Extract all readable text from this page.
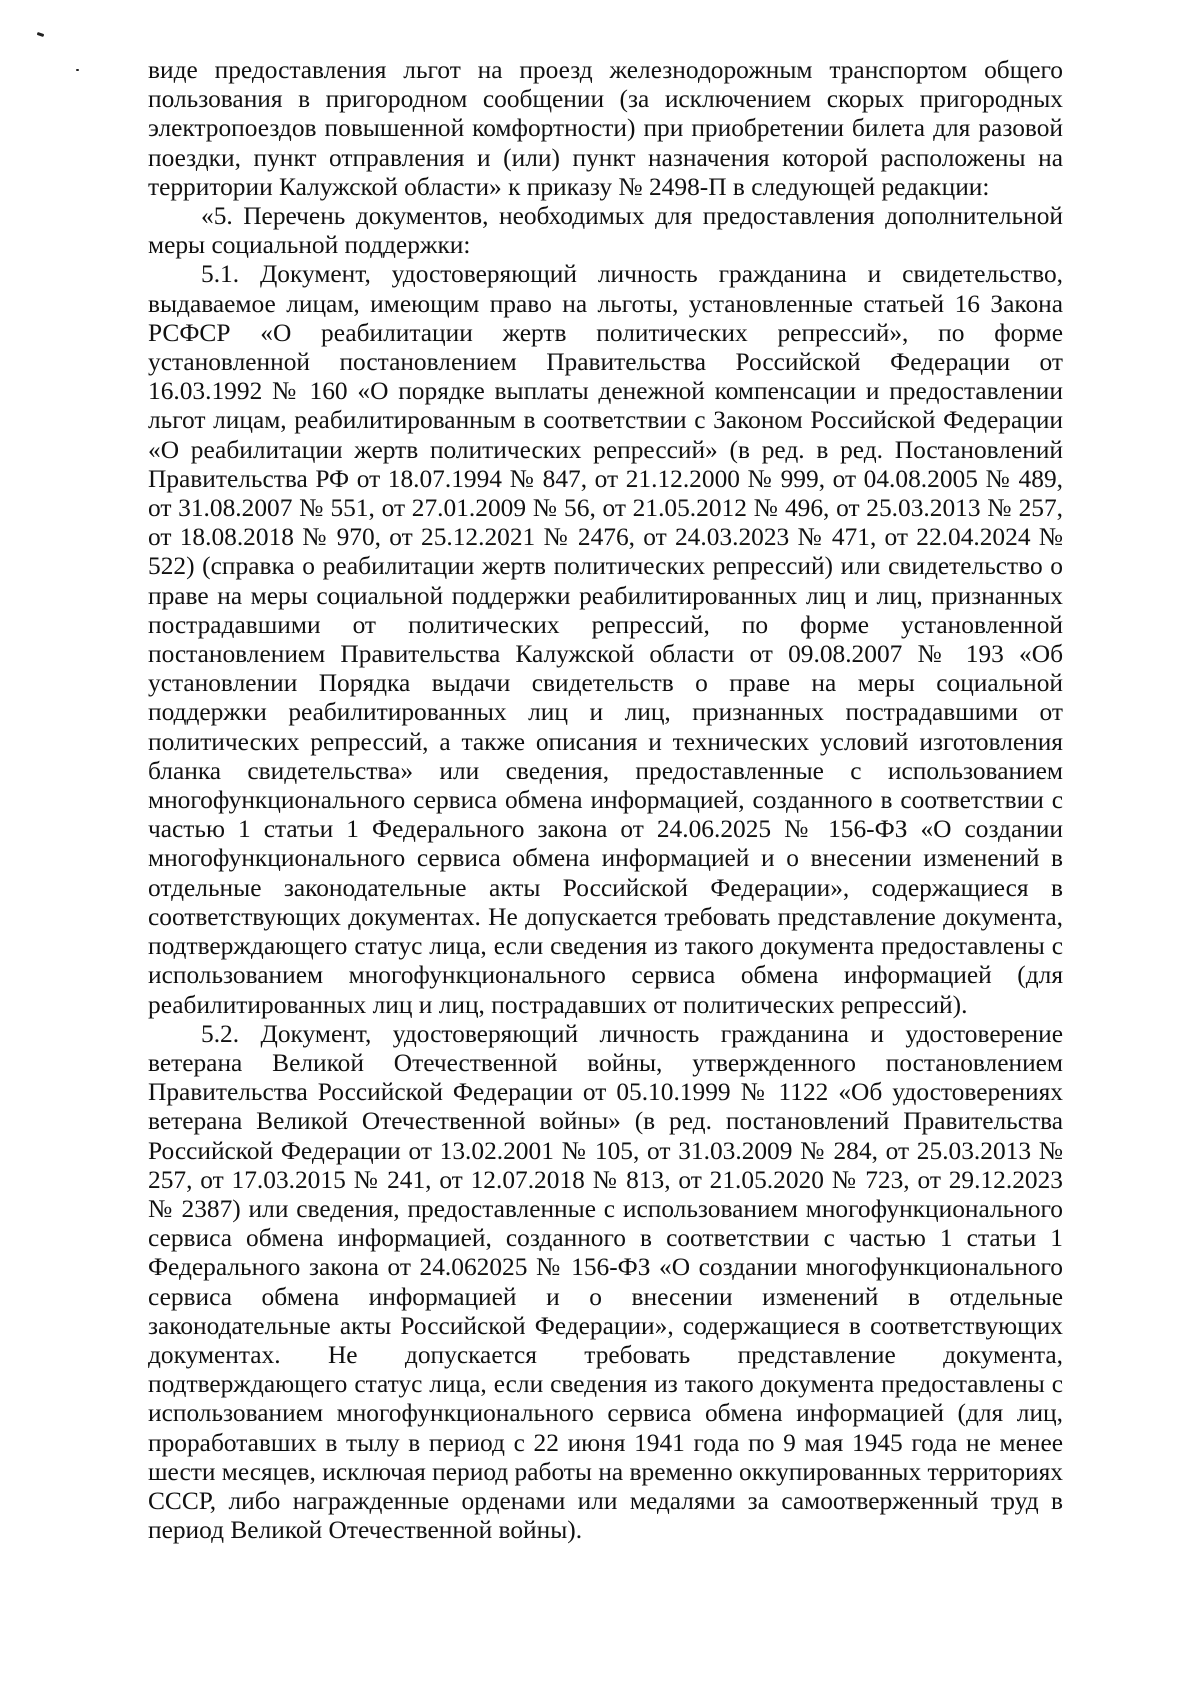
виде предоставления льгот на проезд железнодорожным транспортом общего пользования в пригородном сообщении (за исключением скорых пригородных электропоездов повышенной комфортности) при приобретении билета для разовой поездки, пункт отправления и (или) пункт назначения которой расположены на территории Калужской области» к приказу № 2498-П в следующей редакции:

«5. Перечень документов, необходимых для предоставления дополнительной меры социальной поддержки:

5.1. Документ, удостоверяющий личность гражданина и свидетельство, выдаваемое лицам, имеющим право на льготы, установленные статьей 16 Закона РСФСР «О реабилитации жертв политических репрессий», по форме установленной постановлением Правительства Российской Федерации от 16.03.1992 № 160 «О порядке выплаты денежной компенсации и предоставлении льгот лицам, реабилитированным в соответствии с Законом Российской Федерации «О реабилитации жертв политических репрессий» (в ред. в ред. Постановлений Правительства РФ от 18.07.1994 № 847, от 21.12.2000 № 999, от 04.08.2005 № 489, от 31.08.2007 № 551, от 27.01.2009 № 56, от 21.05.2012 № 496, от 25.03.2013 № 257, от 18.08.2018 № 970, от 25.12.2021 № 2476, от 24.03.2023 № 471, от 22.04.2024 № 522) (справка о реабилитации жертв политических репрессий) или свидетельство о праве на меры социальной поддержки реабилитированных лиц и лиц, признанных пострадавшими от политических репрессий, по форме установленной постановлением Правительства Калужской области от 09.08.2007 № 193 «Об установлении Порядка выдачи свидетельств о праве на меры социальной поддержки реабилитированных лиц и лиц, признанных пострадавшими от политических репрессий, а также описания и технических условий изготовления бланка свидетельства» или сведения, предоставленные с использованием многофункционального сервиса обмена информацией, созданного в соответствии с частью 1 статьи 1 Федерального закона от 24.06.2025 № 156-ФЗ «О создании многофункционального сервиса обмена информацией и о внесении изменений в отдельные законодательные акты Российской Федерации», содержащиеся в соответствующих документах. Не допускается требовать представление документа, подтверждающего статус лица, если сведения из такого документа предоставлены с использованием многофункционального сервиса обмена информацией (для реабилитированных лиц и лиц, пострадавших от политических репрессий).

5.2. Документ, удостоверяющий личность гражданина и удостоверение ветерана Великой Отечественной войны, утвержденного постановлением Правительства Российской Федерации от 05.10.1999 № 1122 «Об удостоверениях ветерана Великой Отечественной войны» (в ред. постановлений Правительства Российской Федерации от 13.02.2001 № 105, от 31.03.2009 № 284, от 25.03.2013 № 257, от 17.03.2015 № 241, от 12.07.2018 № 813, от 21.05.2020 № 723, от 29.12.2023 № 2387) или сведения, предоставленные с использованием многофункционального сервиса обмена информацией, созданного в соответствии с частью 1 статьи 1 Федерального закона от 24.062025 № 156-ФЗ «О создании многофункционального сервиса обмена информацией и о внесении изменений в отдельные законодательные акты Российской Федерации», содержащиеся в соответствующих документах. Не допускается требовать представление документа, подтверждающего статус лица, если сведения из такого документа предоставлены с использованием многофункционального сервиса обмена информацией (для лиц, проработавших в тылу в период с 22 июня 1941 года по 9 мая 1945 года не менее шести месяцев, исключая период работы на временно оккупированных территориях СССР, либо награжденные орденами или медалями за самоотверженный труд в период Великой Отечественной войны).
